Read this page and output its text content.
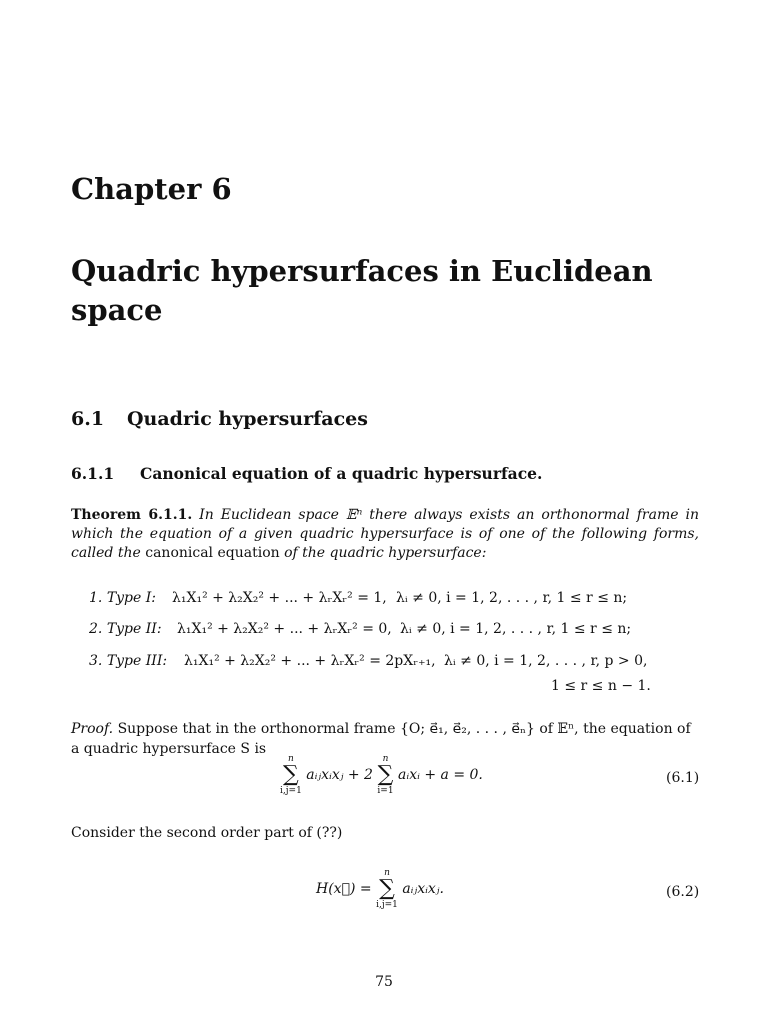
Chapter 6
Quadric hypersurfaces in Euclidean space
6.1 Quadric hypersurfaces
6.1.1 Canonical equation of a quadric hypersurface.
Theorem 6.1.1. In Euclidean space 𝔼ⁿ there always exists an orthonormal frame in which the equation of a given quadric hypersurface is of one of the following forms, called the canonical equation of the quadric hypersurface:
1. Type I: λ₁X₁² + λ₂X₂² + ... + λᵣXᵣ² = 1, λᵢ ≠ 0, i = 1, 2, . . . , r, 1 ≤ r ≤ n;
2. Type II: λ₁X₁² + λ₂X₂² + ... + λᵣXᵣ² = 0, λᵢ ≠ 0, i = 1, 2, . . . , r, 1 ≤ r ≤ n;
3. Type III: λ₁X₁² + λ₂X₂² + ... + λᵣXᵣ² = 2pXᵣ₊₁, λᵢ ≠ 0, i = 1, 2, . . . , r, p > 0,
1 ≤ r ≤ n − 1.
Proof. Suppose that in the orthonormal frame {O; e⃗₁, e⃗₂, . . . , e⃗ₙ} of 𝔼ⁿ, the equation of a quadric hypersurface S is
n
∑
i,j=1
aᵢⱼxᵢxⱼ + 2
n
∑
i=1
aᵢxᵢ + a = 0.	(6.1)
Consider the second order part of (??)
H(x⃗) =
n
∑
i,j=1
aᵢⱼxᵢxⱼ.	(6.2)
75
